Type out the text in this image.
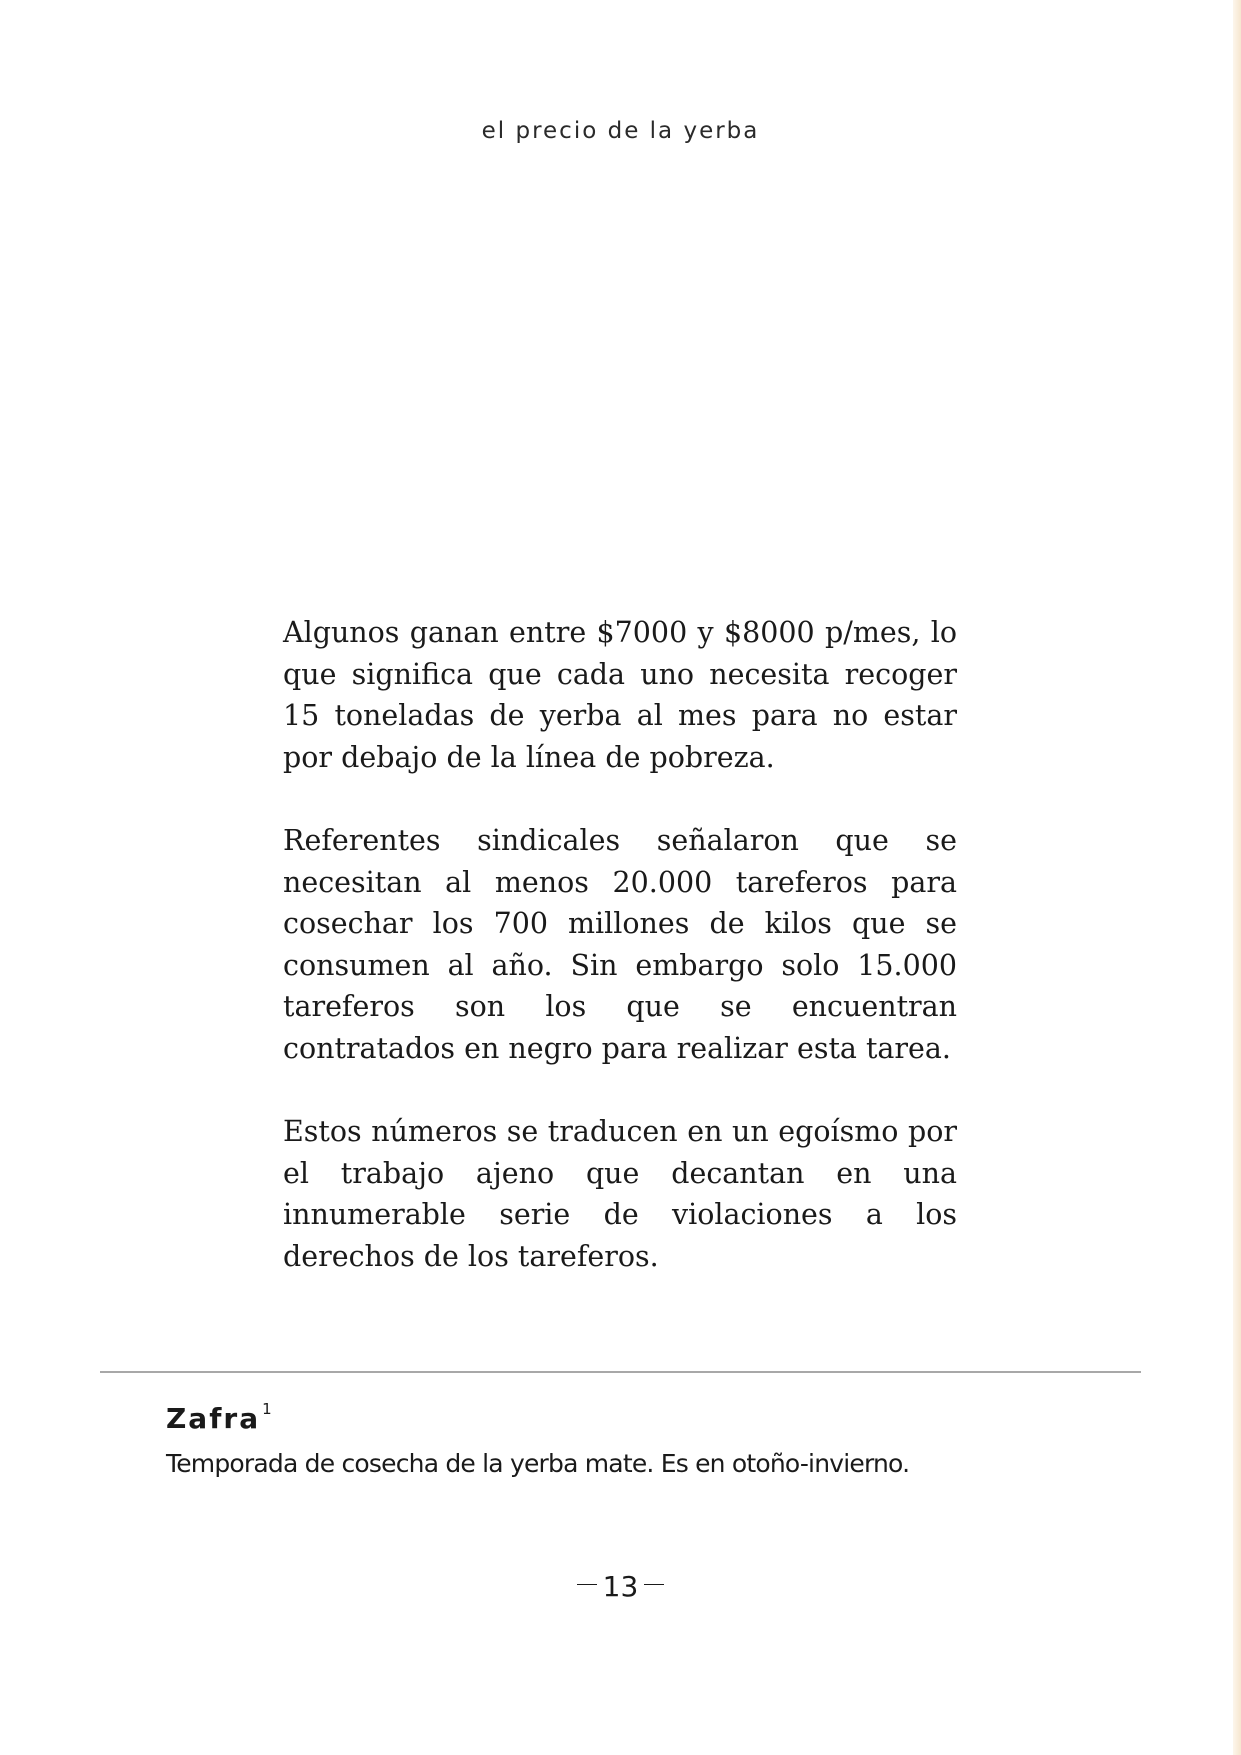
el precio de la yerba

Algunos ganan entre $7000 y $8000 p/mes, lo que significa que cada uno necesita recoger 15 toneladas de yerba al mes para no estar por debajo de la línea de pobreza.

Referentes sindicales señalaron que se necesitan al menos 20.000 tareferos para cosechar los 700 millones de kilos que se consumen al año. Sin embargo solo 15.000 tareferos son los que se encuentran contratados en negro para realizar esta tarea.

Estos números se traducen en un egoísmo por el trabajo ajeno que decantan en una innumerable serie de violaciones a los derechos de los tareferos.

Zafra $^1$
Temporada de cosecha de la yerba mate. Es en otoño-invierno.
13
